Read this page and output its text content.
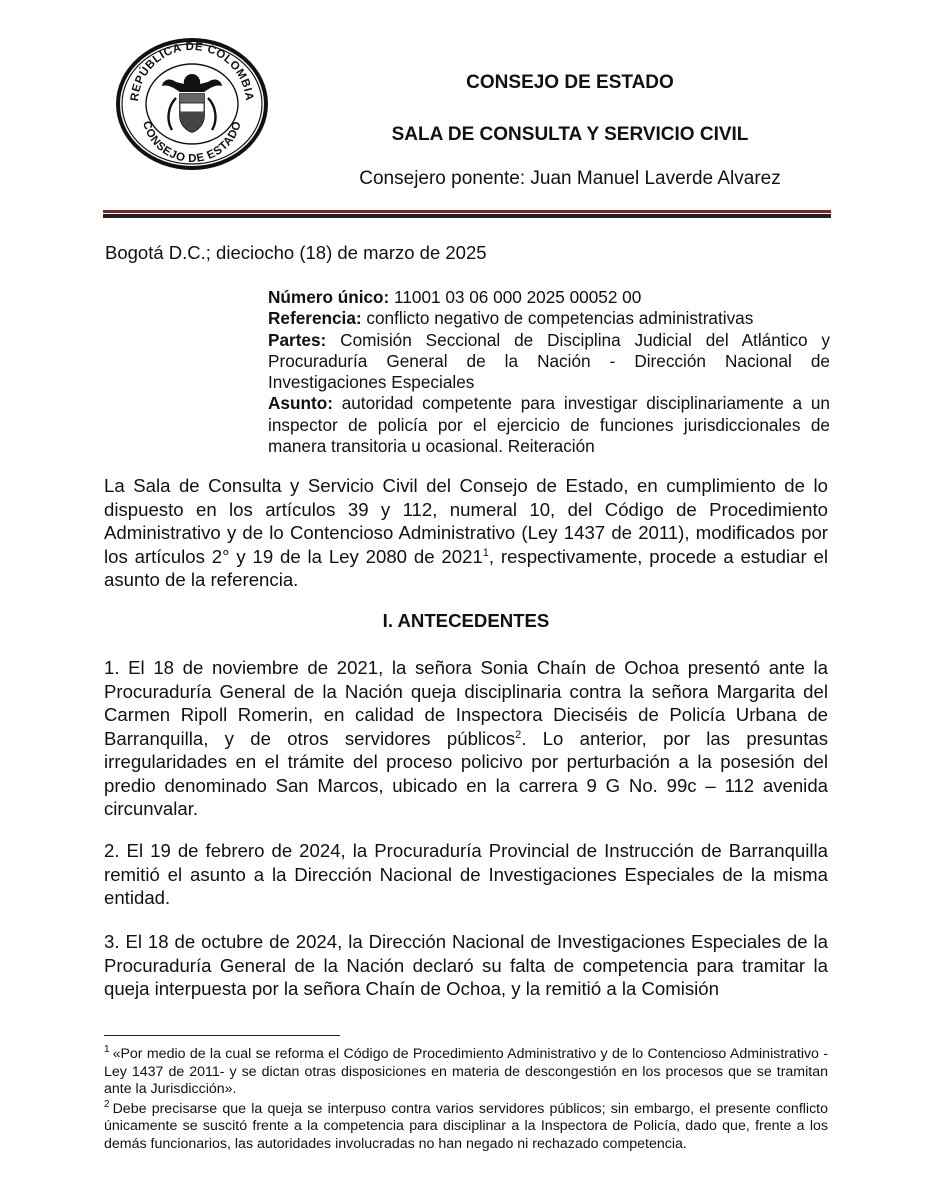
REPÚBLICA DE COLOMBIA
CONSEJO DE ESTADO
CONSEJO DE ESTADO
SALA DE CONSULTA Y SERVICIO CIVIL
Consejero ponente: Juan Manuel Laverde Alvarez
Bogotá D.C.; dieciocho (18) de marzo de 2025

Número único: 11001 03 06 000 2025 00052 00

Referencia: conflicto negativo de competencias administrativas

Partes: Comisión Seccional de Disciplina Judicial del Atlántico y Procuraduría General de la Nación - Dirección Nacional de Investigaciones Especiales

Asunto: autoridad competente para investigar disciplinariamente a un inspector de policía por el ejercicio de funciones jurisdiccionales de manera transitoria u ocasional. Reiteración

La Sala de Consulta y Servicio Civil del Consejo de Estado, en cumplimiento de lo dispuesto en los artículos 39 y 112, numeral 10, del Código de Procedimiento Administrativo y de lo Contencioso Administrativo (Ley 1437 de 2011), modificados por los artículos 2° y 19 de la Ley 2080 de 2021$^1$, respectivamente, procede a estudiar el asunto de la referencia.

I. ANTECEDENTES

1. El 18 de noviembre de 2021, la señora Sonia Chaín de Ochoa presentó ante la Procuraduría General de la Nación queja disciplinaria contra la señora Margarita del Carmen Ripoll Romerin, en calidad de Inspectora Dieciséis de Policía Urbana de Barranquilla, y de otros servidores públicos$^2$. Lo anterior, por las presuntas irregularidades en el trámite del proceso policivo por perturbación a la posesión del predio denominado San Marcos, ubicado en la carrera 9 G No. 99c – 112 avenida circunvalar.

2. El 19 de febrero de 2024, la Procuraduría Provincial de Instrucción de Barranquilla remitió el asunto a la Dirección Nacional de Investigaciones Especiales de la misma entidad.

3. El 18 de octubre de 2024, la Dirección Nacional de Investigaciones Especiales de la Procuraduría General de la Nación declaró su falta de competencia para tramitar la queja interpuesta por la señora Chaín de Ochoa, y la remitió a la Comisión

$^1$ «Por medio de la cual se reforma el Código de Procedimiento Administrativo y de lo Contencioso Administrativo -Ley 1437 de 2011- y se dictan otras disposiciones en materia de descongestión en los procesos que se tramitan ante la Jurisdicción».

$^2$ Debe precisarse que la queja se interpuso contra varios servidores públicos; sin embargo, el presente conflicto únicamente se suscitó frente a la competencia para disciplinar a la Inspectora de Policía, dado que, frente a los demás funcionarios, las autoridades involucradas no han negado ni rechazado competencia.
